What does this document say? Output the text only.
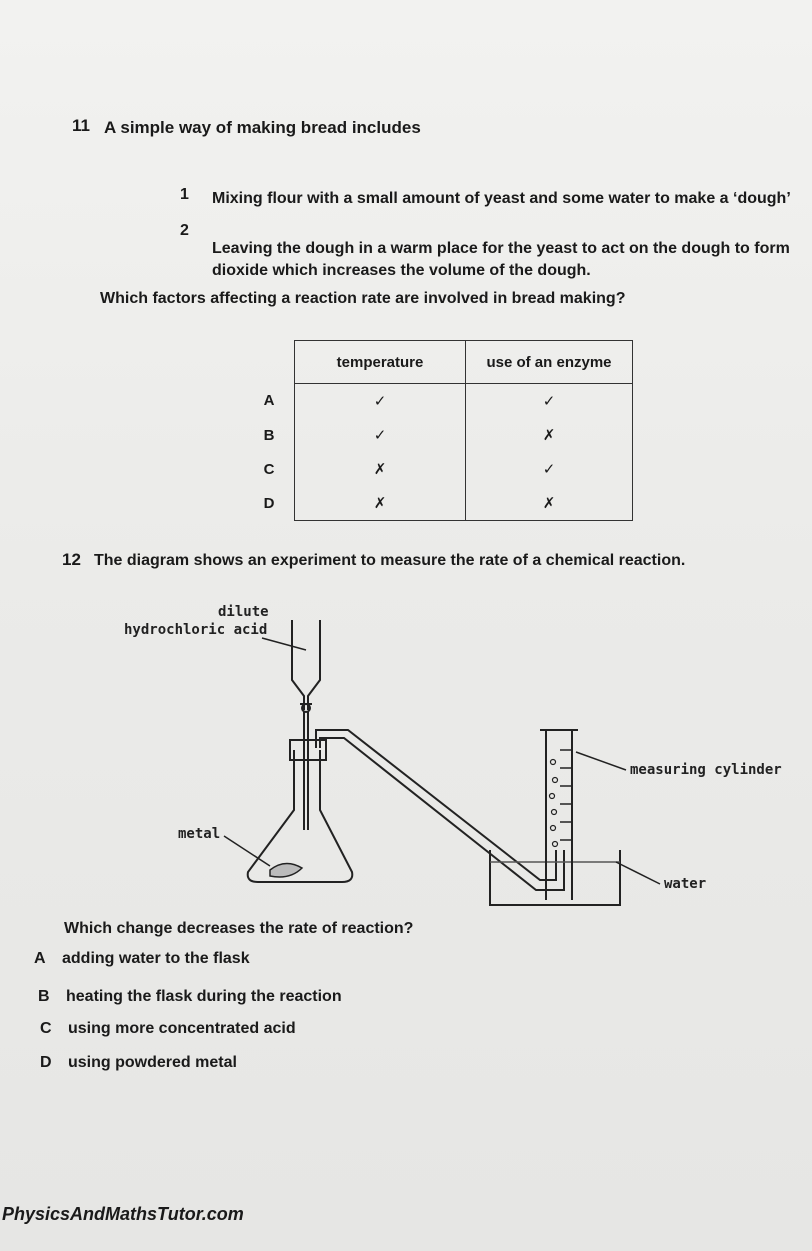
11 A simple way of making bread includes
1 Mixing flour with a small amount of yeast and some water to make a ‘dough’
2
Leaving the dough in a warm place for the yeast to act on the dough to form
dioxide which increases the volume of the dough.
Which factors affecting a reaction rate are involved in bread making?
	temperature	use of an enzyme
A	✓	✓
B	✓	✗
C	✗	✓
D	✗	✗
12 The diagram shows an experiment to measure the rate of a chemical reaction.
dilute
hydrochloric acid
metal
water
measuring cylinder
Which change decreases the rate of reaction?
A adding water to the flask
B heating the flask during the reaction
C using more concentrated acid
D using powdered metal
PhysicsAndMathsTutor.com
